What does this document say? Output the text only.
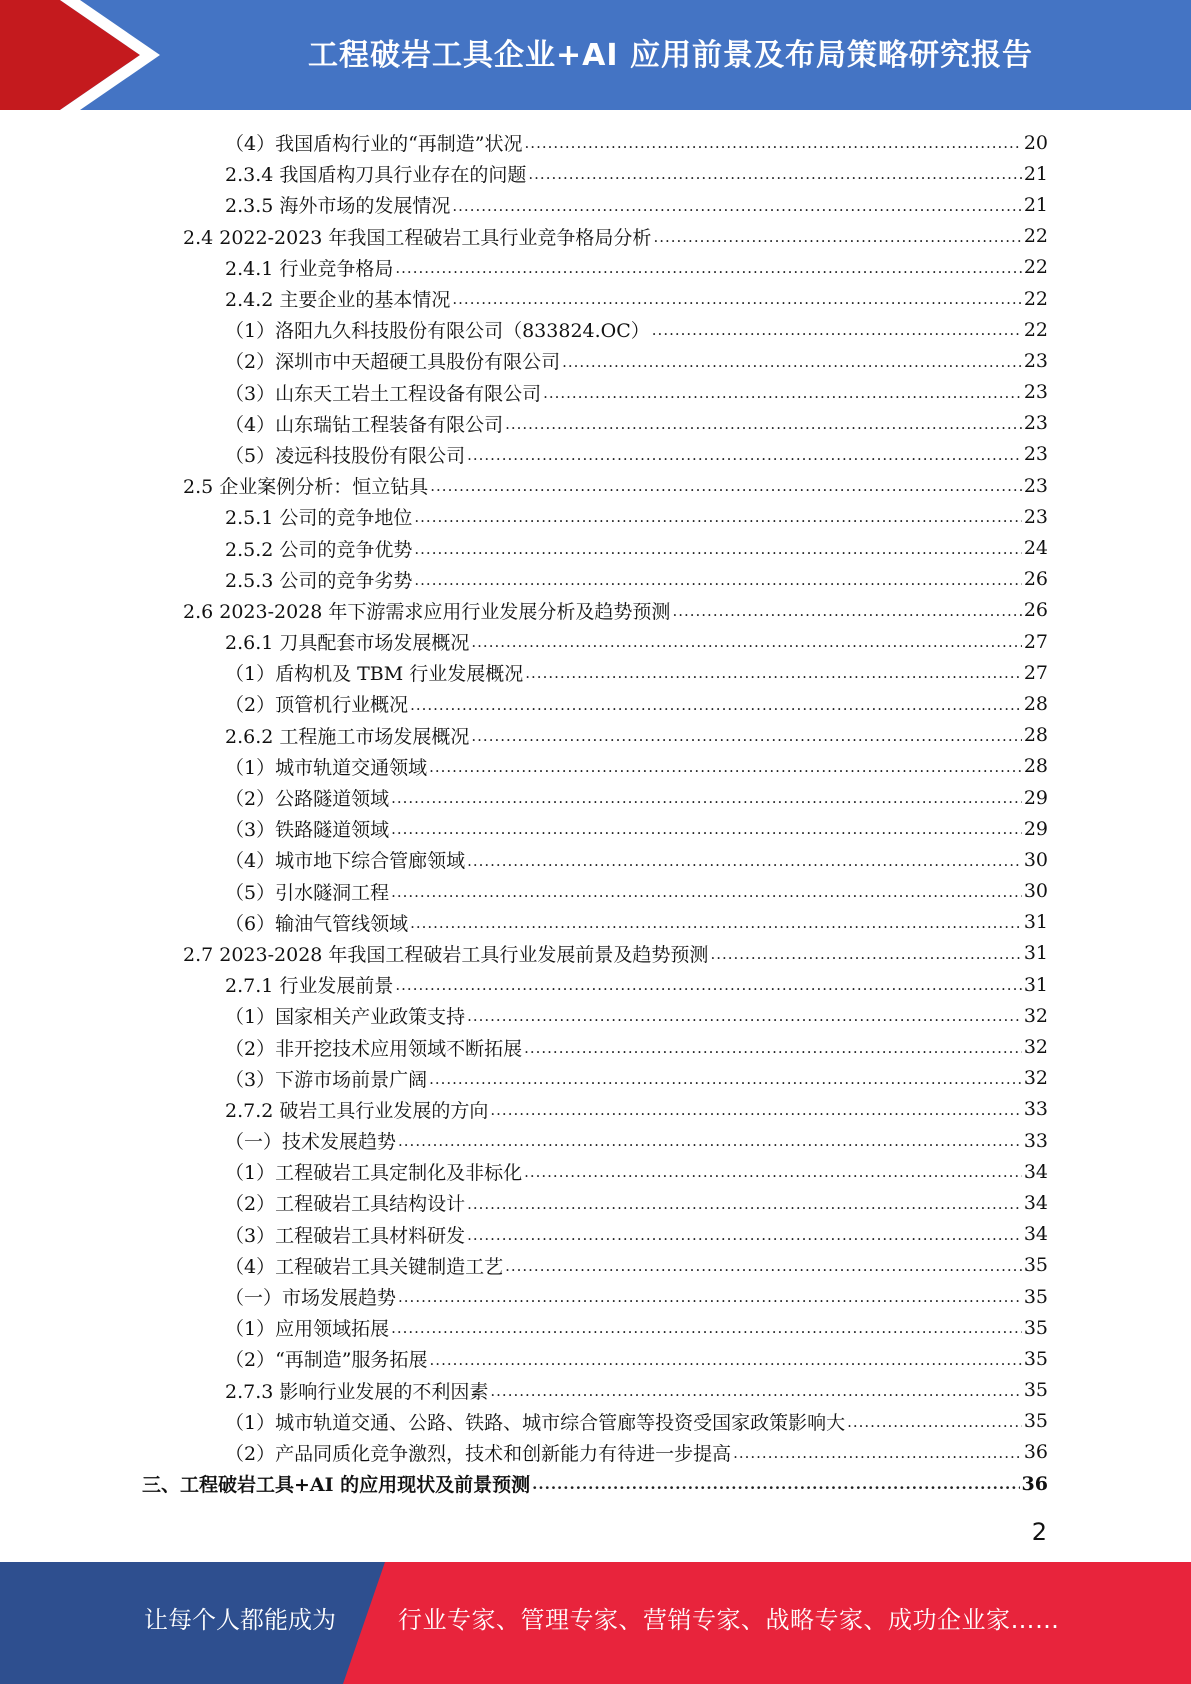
工程破岩工具企业+AI 应用前景及布局策略研究报告
（4）我国盾构行业的“再制造”状况 .....	20
2.3.4 我国盾构刀具行业存在的问题 .....	21
2.3.5 海外市场的发展情况 .....	21
2.4 2022-2023 年我国工程破岩工具行业竞争格局分析 .....	22
2.4.1 行业竞争格局 .....	22
2.4.2 主要企业的基本情况 .....	22
（1）洛阳九久科技股份有限公司（833824.OC） .....	22
（2）深圳市中天超硬工具股份有限公司 .....	23
（3）山东天工岩土工程设备有限公司 .....	23
（4）山东瑞钻工程装备有限公司 .....	23
（5）凌远科技股份有限公司 .....	23
2.5 企业案例分析：恒立钻具 .....	23
2.5.1 公司的竞争地位 .....	23
2.5.2 公司的竞争优势 .....	24
2.5.3 公司的竞争劣势 .....	26
2.6 2023-2028 年下游需求应用行业发展分析及趋势预测 .....	26
2.6.1 刀具配套市场发展概况 .....	27
（1）盾构机及 TBM 行业发展概况 .....	27
（2）顶管机行业概况 .....	28
2.6.2 工程施工市场发展概况 .....	28
（1）城市轨道交通领域 .....	28
（2）公路隧道领域 .....	29
（3）铁路隧道领域 .....	29
（4）城市地下综合管廊领域 .....	30
（5）引水隧洞工程 .....	30
（6）输油气管线领域 .....	31
2.7 2023-2028 年我国工程破岩工具行业发展前景及趋势预测 .....	31
2.7.1 行业发展前景 .....	31
（1）国家相关产业政策支持 .....	32
（2）非开挖技术应用领域不断拓展 .....	32
（3）下游市场前景广阔 .....	32
2.7.2 破岩工具行业发展的方向 .....	33
（一）技术发展趋势 .....	33
（1）工程破岩工具定制化及非标化 .....	34
（2）工程破岩工具结构设计 .....	34
（3）工程破岩工具材料研发 .....	34
（4）工程破岩工具关键制造工艺 .....	35
（一）市场发展趋势 .....	35
（1）应用领域拓展 .....	35
（2）“再制造”服务拓展 .....	35
2.7.3 影响行业发展的不利因素 .....	35
（1）城市轨道交通、公路、铁路、城市综合管廊等投资受国家政策影响大 .....	35
（2）产品同质化竞争激烈，技术和创新能力有待进一步提高 .....	36
三、工程破岩工具+AI 的应用现状及前景预测 .....	36
2
让每个人都能成为	行业专家、管理专家、营销专家、战略专家、成功企业家……
